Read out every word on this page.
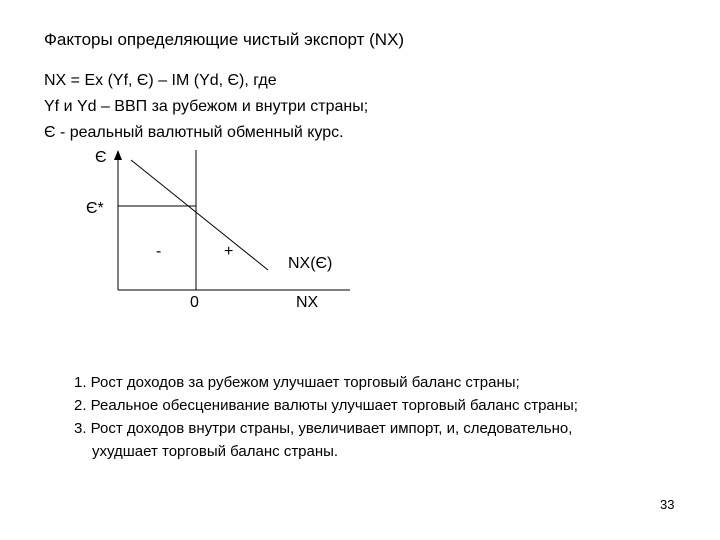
Факторы определяющие чистый экспорт (NX)
NX = Ex (Yf, Є) – IM (Yd, Є), где
Yf и Yd – ВВП за рубежом и внутри страны;
Є - реальный валютный обменный курс.
Є
Є*
-	+
NX(Є)
0	NX
1. Рост доходов за рубежом улучшает торговый баланс страны;
2. Реальное обесценивание валюты улучшает торговый баланс страны;
3. Рост доходов внутри страны, увеличивает импорт, и, следовательно,
ухудшает торговый баланс страны.
33
